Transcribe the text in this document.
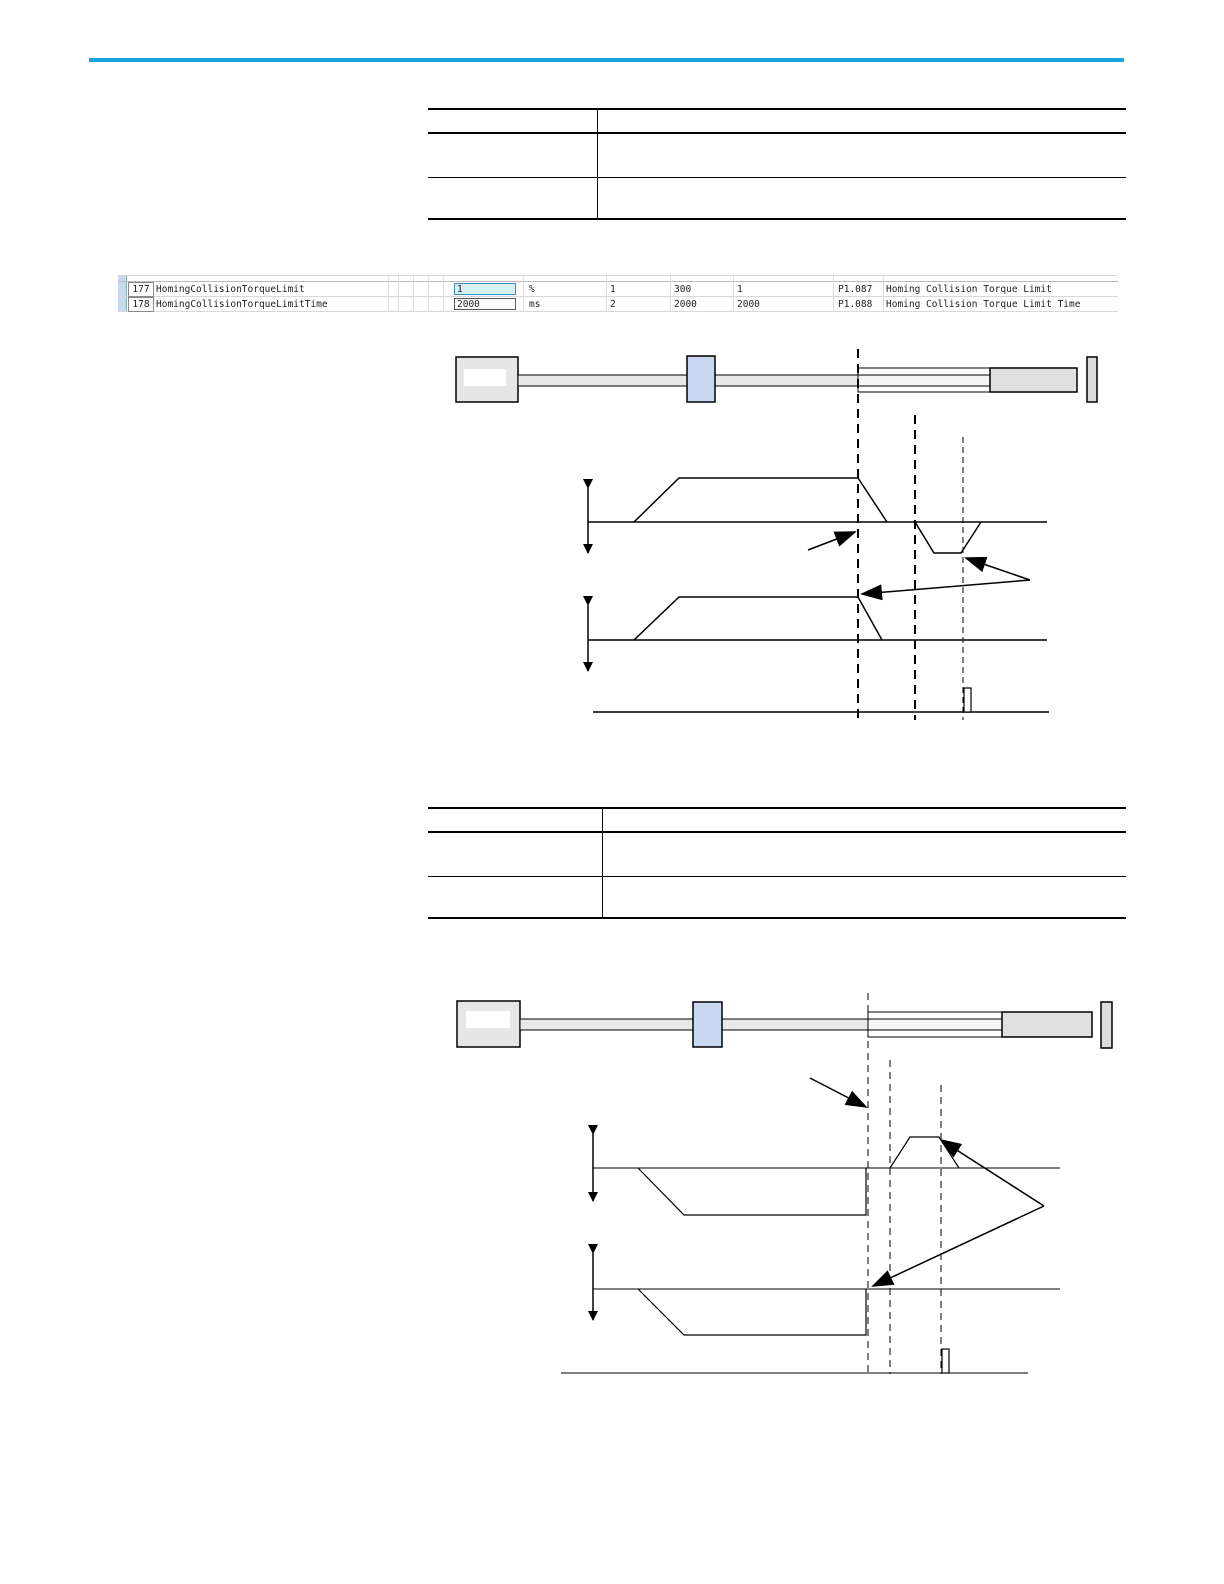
177 HomingCollisionTorqueLimit	1	%	1	300	1	P1.087 Homing Collision Torque Limit
178 HomingCollisionTorqueLimitTime	2000	ms	2	2000	2000	P1.088 Homing Collision Torque Limit Time
